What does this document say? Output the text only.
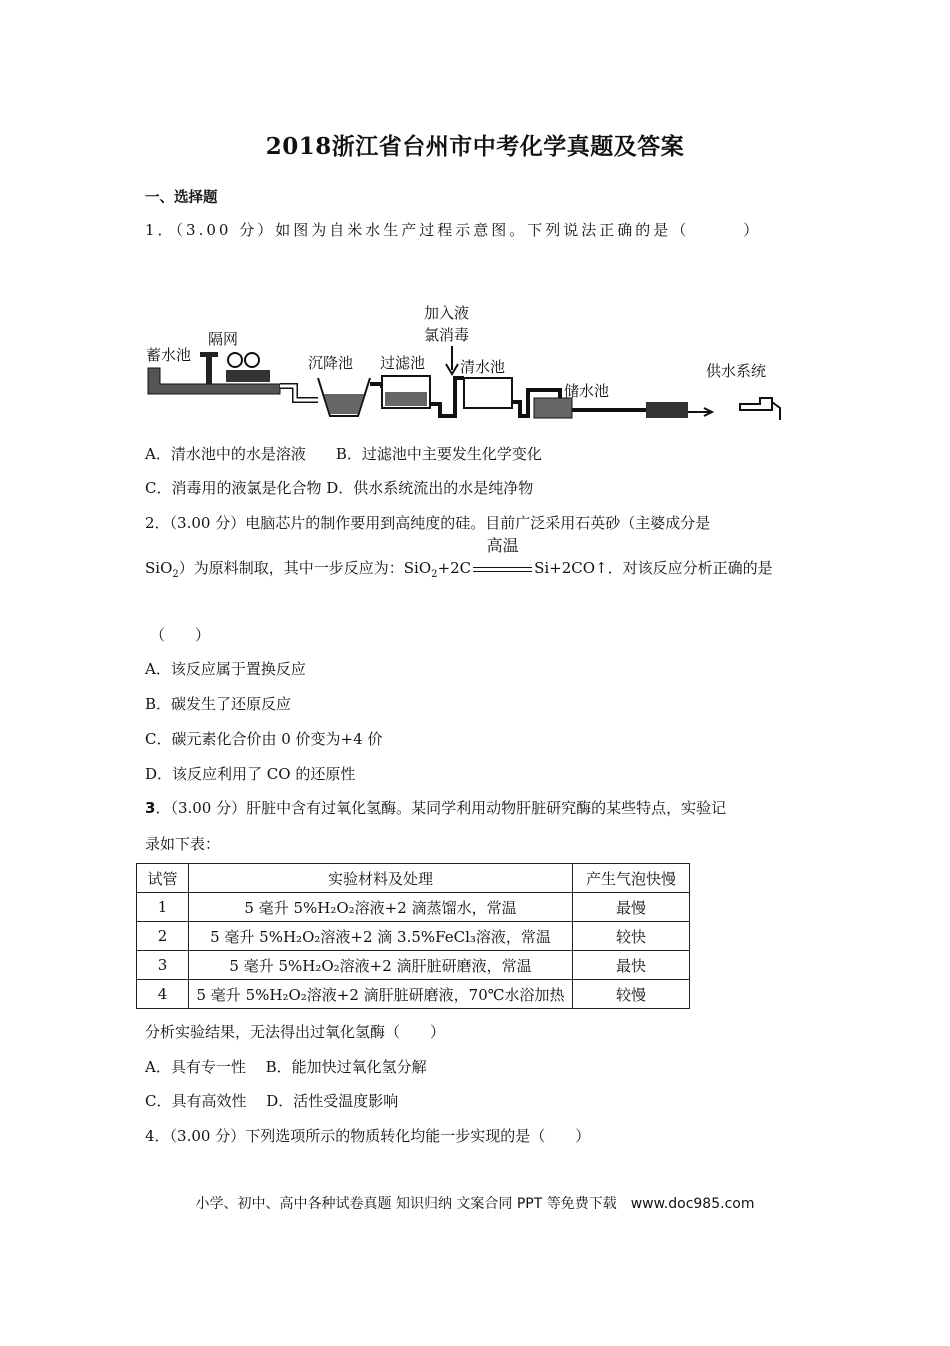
2018浙江省台州市中考化学真题及答案
一、选择题
1．（3.00 分）如图为自米水生产过程示意图。下列说法正确的是（　　　）
蓄水池
隔网
沉降池 过滤池
加入液
氯消毒
清水池
储水池
供水系统
A．清水池中的水是溶液　　B．过滤池中主要发生化学变化
C．消毒用的液氯是化合物 D．供水系统流出的水是纯净物
2．（3.00 分）电脑芯片的制作要用到高纯度的硅。目前广泛采用石英砂（主婆成分是
SiO$_2$）为原料制取，其中一步反应为：SiO$_2$+2C
高温
Si+2CO↑．对该反应分析正确的是
（　　）
A．该反应属于置换反应
B．碳发生了还原反应
C．碳元素化合价由 0 价变为+4 价
D．该反应利用了 CO 的还原性
3．（3.00 分）肝脏中含有过氧化氢酶。某同学利用动物肝脏研究酶的某些特点，实验记
录如下表：
试管	实验材料及处理	产生气泡快慢
1	5 毫升 5%H₂O₂溶液+2 滴蒸馏水，常温	最慢
2	5 毫升 5%H₂O₂溶液+2 滴 3.5%FeCl₃溶液，常温	较快
3	5 毫升 5%H₂O₂溶液+2 滴肝脏研磨液，常温	最快
4	5 毫升 5%H₂O₂溶液+2 滴肝脏研磨液，70℃水浴加热	较慢
分析实验结果，无法得出过氧化氢酶（　　）
A．具有专一性　 B．能加快过氧化氢分解
C．具有高效性　 D．活性受温度影响
4．（3.00 分）下列选项所示的物质转化均能一步实现的是（　　）
小学、初中、高中各种试卷真题 知识归纳 文案合同 PPT 等免费下载　www.doc985.com
